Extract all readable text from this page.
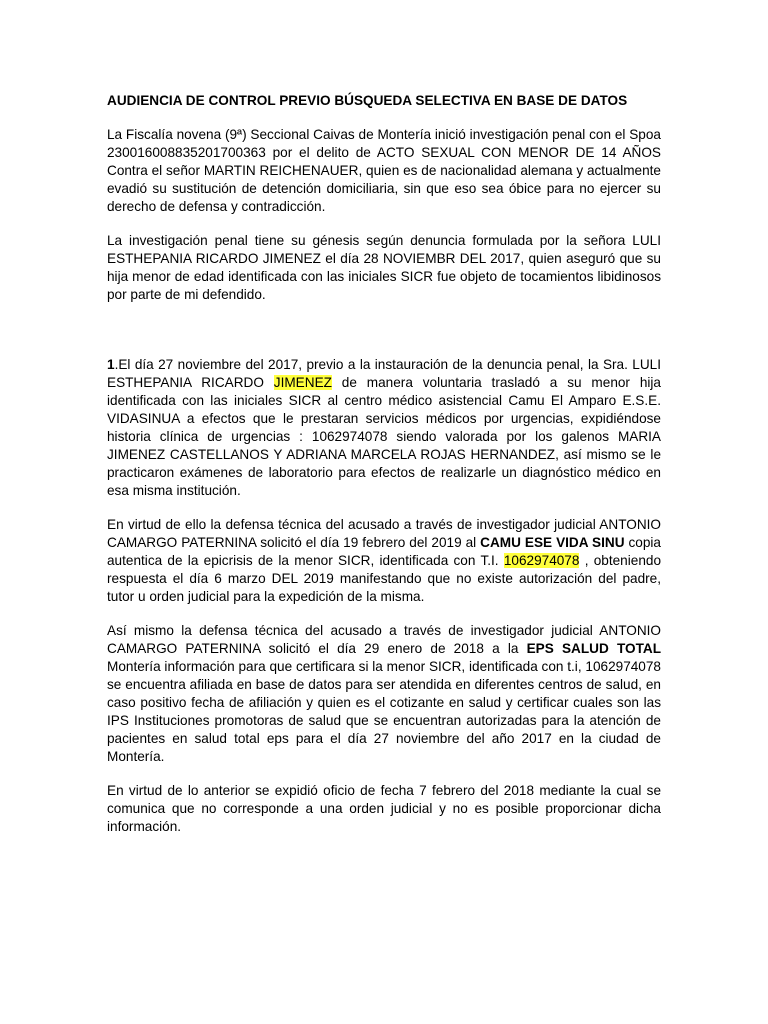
AUDIENCIA DE CONTROL PREVIO BÚSQUEDA SELECTIVA EN BASE DE DATOS

La Fiscalía novena (9ª) Seccional Caivas de Montería inició investigación penal con el Spoa 230016008835201700363 por el delito de ACTO SEXUAL CON MENOR DE 14 AÑOS Contra el señor MARTIN REICHENAUER, quien es de nacionalidad alemana y actualmente evadió su sustitución de detención domiciliaria, sin que eso sea óbice para no ejercer su derecho de defensa y contradicción.

La investigación penal tiene su génesis según denuncia formulada por la señora LULI ESTHEPANIA RICARDO JIMENEZ el día 28 NOVIEMBR DEL 2017, quien aseguró que su hija menor de edad identificada con las iniciales SICR fue objeto de tocamientos libidinosos por parte de mi defendido.

1.El día 27 noviembre del 2017, previo a la instauración de la denuncia penal, la Sra. LULI ESTHEPANIA RICARDO JIMENEZ de manera voluntaria trasladó a su menor hija identificada con las iniciales SICR al centro médico asistencial Camu El Amparo E.S.E. VIDASINUA a efectos que le prestaran servicios médicos por urgencias, expidiéndose historia clínica de urgencias : 1062974078 siendo valorada por los galenos MARIA JIMENEZ CASTELLANOS Y ADRIANA MARCELA ROJAS HERNANDEZ, así mismo se le practicaron exámenes de laboratorio para efectos de realizarle un diagnóstico médico en esa misma institución.

En virtud de ello la defensa técnica del acusado a través de investigador judicial ANTONIO CAMARGO PATERNINA solicitó el día 19 febrero del 2019 al CAMU ESE VIDA SINU copia autentica de la epicrisis de la menor SICR, identificada con T.I. 1062974078 , obteniendo respuesta el día 6 marzo DEL 2019 manifestando que no existe autorización del padre, tutor u orden judicial para la expedición de la misma.

Así mismo la defensa técnica del acusado a través de investigador judicial ANTONIO CAMARGO PATERNINA solicitó el día 29 enero de 2018 a la EPS SALUD TOTAL Montería información para que certificara si la menor SICR, identificada con t.i, 1062974078 se encuentra afiliada en base de datos para ser atendida en diferentes centros de salud, en caso positivo fecha de afiliación y quien es el cotizante en salud y certificar cuales son las IPS Instituciones promotoras de salud que se encuentran autorizadas para la atención de pacientes en salud total eps para el día 27 noviembre del año 2017 en la ciudad de Montería.

En virtud de lo anterior se expidió oficio de fecha 7 febrero del 2018 mediante la cual se comunica que no corresponde a una orden judicial y no es posible proporcionar dicha información.
